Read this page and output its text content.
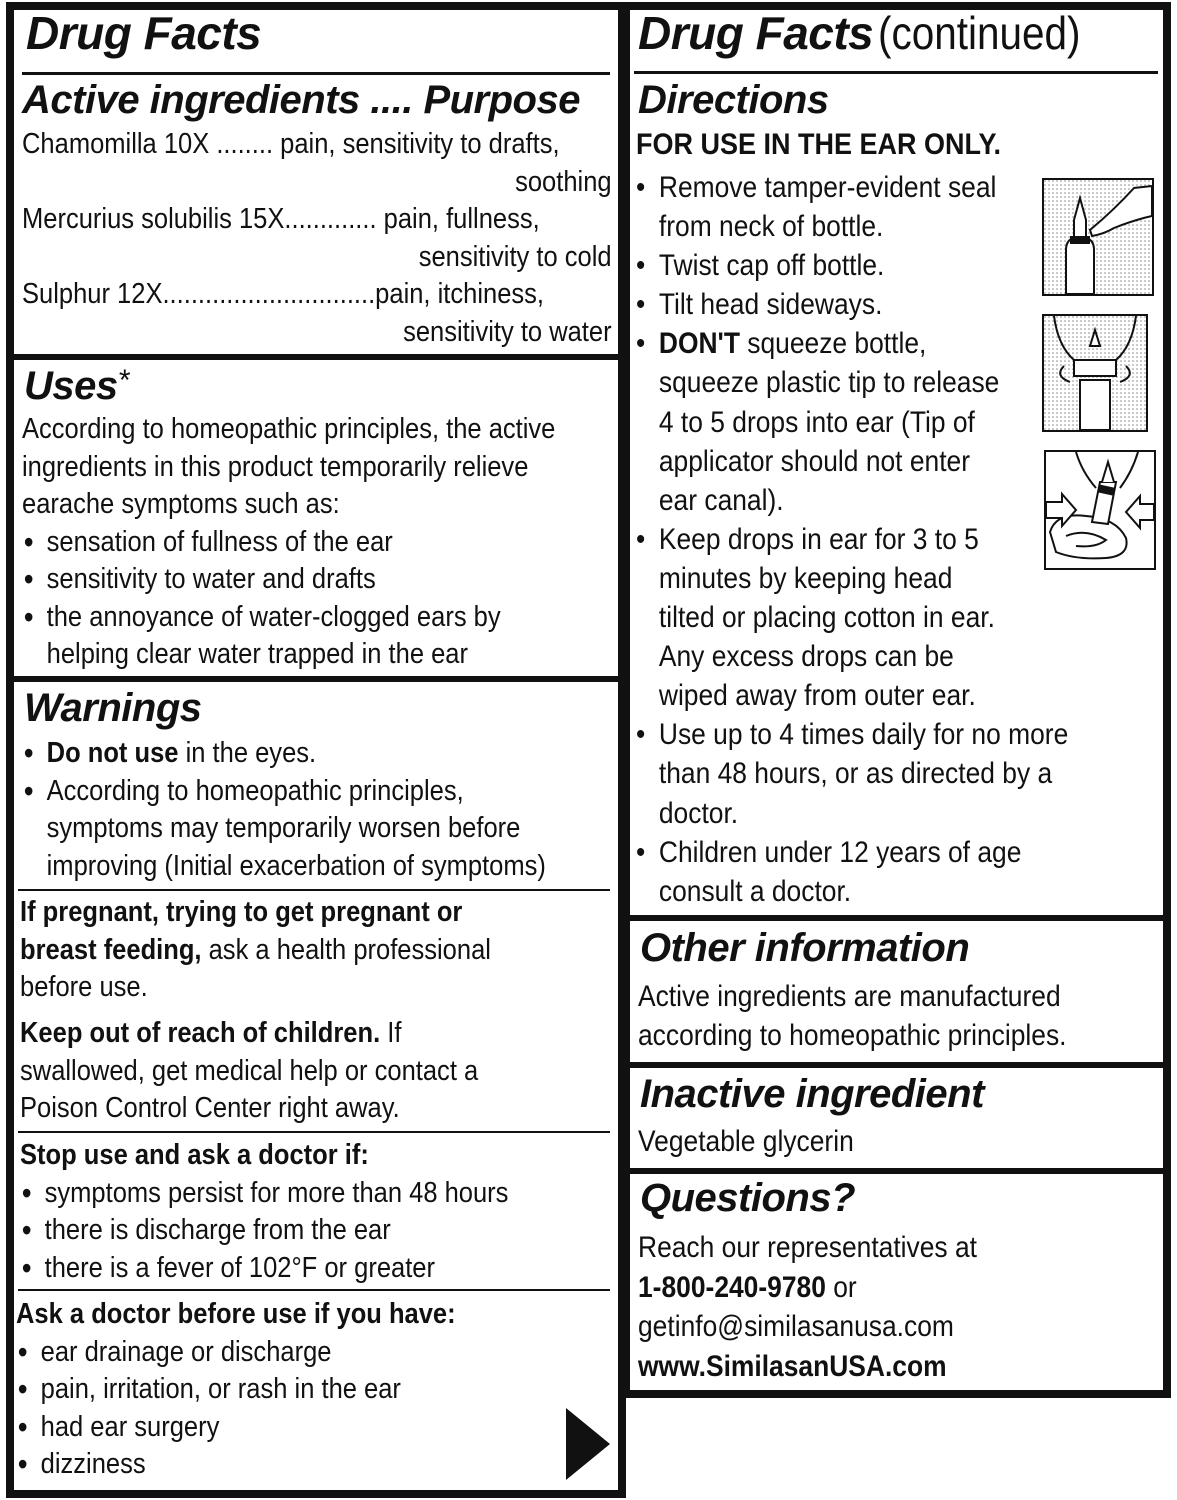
Drug Facts
Active ingredients .... Purpose
Chamomilla 10X ........ pain, sensitivity to drafts,
soothing
Mercurius solubilis 15X............. pain, fullness,
sensitivity to cold
Sulphur 12X..............................pain, itchiness,
sensitivity to water
Uses*
According to homeopathic principles, the active
ingredients in this product temporarily relieve
earache symptoms such as:
• sensation of fullness of the ear
• sensitivity to water and drafts
• the annoyance of water-clogged ears by
helping clear water trapped in the ear
Warnings
• Do not use in the eyes.
• According to homeopathic principles,
symptoms may temporarily worsen before
improving (Initial exacerbation of symptoms)
If pregnant, trying to get pregnant or
breast feeding, ask a health professional
before use.
Keep out of reach of children. If
swallowed, get medical help or contact a
Poison Control Center right away.
Stop use and ask a doctor if:
• symptoms persist for more than 48 hours
• there is discharge from the ear
• there is a fever of 102°F or greater
Ask a doctor before use if you have:
• ear drainage or discharge
• pain, irritation, or rash in the ear
• had ear surgery
• dizziness
Drug Facts (continued)
Directions
FOR USE IN THE EAR ONLY.
• Remove tamper-evident seal
from neck of bottle.
• Twist cap off bottle.
• Tilt head sideways.
• DON'T squeeze bottle,
squeeze plastic tip to release
4 to 5 drops into ear (Tip of
applicator should not enter
ear canal).
• Keep drops in ear for 3 to 5
minutes by keeping head
tilted or placing cotton in ear.
Any excess drops can be
wiped away from outer ear.
• Use up to 4 times daily for no more
than 48 hours, or as directed by a
doctor.
• Children under 12 years of age
consult a doctor.
Other information
Active ingredients are manufactured
according to homeopathic principles.
Inactive ingredient
Vegetable glycerin
Questions?
Reach our representatives at
1-800-240-9780 or
getinfo@similasanusa.com
www.SimilasanUSA.com
